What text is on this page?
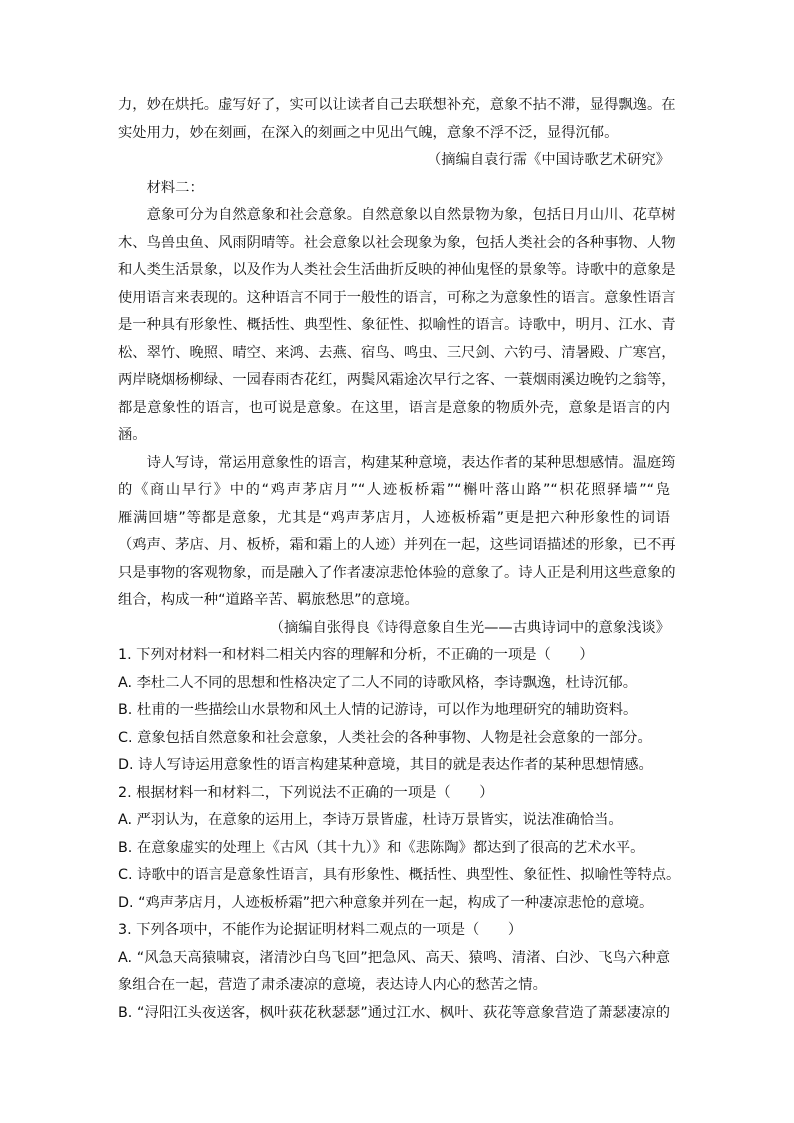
力，妙在烘托。虚写好了，实可以让读者自己去联想补充，意象不拈不滞，显得飘逸。在
实处用力，妙在刻画，在深入的刻画之中见出气魄，意象不浮不泛，显得沉郁。
（摘编自袁行霈《中国诗歌艺术研究》
材料二：
意象可分为自然意象和社会意象。自然意象以自然景物为象，包括日月山川、花草树
木、鸟兽虫鱼、风雨阴晴等。社会意象以社会现象为象，包括人类社会的各种事物、人物
和人类生活景象，以及作为人类社会生活曲折反映的神仙鬼怪的景象等。诗歌中的意象是
使用语言来表现的。这种语言不同于一般性的语言，可称之为意象性的语言。意象性语言
是一种具有形象性、概括性、典型性、象征性、拟喻性的语言。诗歌中，明月、江水、青
松、翠竹、晚照、晴空、来鸿、去燕、宿鸟、鸣虫、三尺剑、六钓弓、清暑殿、广寒宫，
两岸晓烟杨柳绿、一园春雨杏花红，两鬓风霜途次早行之客、一蓑烟雨溪边晚钓之翁等，
都是意象性的语言，也可说是意象。在这里，语言是意象的物质外壳，意象是语言的内
涵。
诗人写诗，常运用意象性的语言，构建某种意境，表达作者的某种思想感情。温庭筠
的《商山早行》中的“鸡声茅店月”“人迹板桥霜”“槲叶落山路”“枳花照驿墙”“凫
雁满回塘”等都是意象，尤其是“鸡声茅店月，人迹板桥霜”更是把六种形象性的词语
（鸡声、茅店、月、板桥，霜和霜上的人迹）并列在一起，这些词语描述的形象，已不再
只是事物的客观物象，而是融入了作者凄凉悲怆体验的意象了。诗人正是利用这些意象的
组合，构成一种“道路辛苦、羁旅愁思”的意境。
（摘编自张得良《诗得意象自生光——古典诗词中的意象浅谈》
1. 下列对材料一和材料二相关内容的理解和分析，不正确的一项是（　　）
A. 李杜二人不同的思想和性格决定了二人不同的诗歌风格，李诗飘逸，杜诗沉郁。
B. 杜甫的一些描绘山水景物和风土人情的记游诗，可以作为地理研究的辅助资料。
C. 意象包括自然意象和社会意象，人类社会的各种事物、人物是社会意象的一部分。
D. 诗人写诗运用意象性的语言构建某种意境，其目的就是表达作者的某种思想情感。
2. 根据材料一和材料二，下列说法不正确的一项是（　　）
A. 严羽认为，在意象的运用上，李诗万景皆虚，杜诗万景皆实，说法准确恰当。
B. 在意象虚实的处理上《古风（其十九）》和《悲陈陶》都达到了很高的艺术水平。
C. 诗歌中的语言是意象性语言，具有形象性、概括性、典型性、象征性、拟喻性等特点。
D. “鸡声茅店月，人迹板桥霜”把六种意象并列在一起，构成了一种凄凉悲怆的意境。
3. 下列各项中，不能作为论据证明材料二观点的一项是（　　）
A. “风急天高猿啸哀，渚清沙白鸟飞回”把急风、高天、猿鸣、清渚、白沙、飞鸟六种意
象组合在一起，营造了肃杀凄凉的意境，表达诗人内心的愁苦之情。
B. “浔阳江头夜送客，枫叶荻花秋瑟瑟”通过江水、枫叶、荻花等意象营造了萧瑟凄凉的
